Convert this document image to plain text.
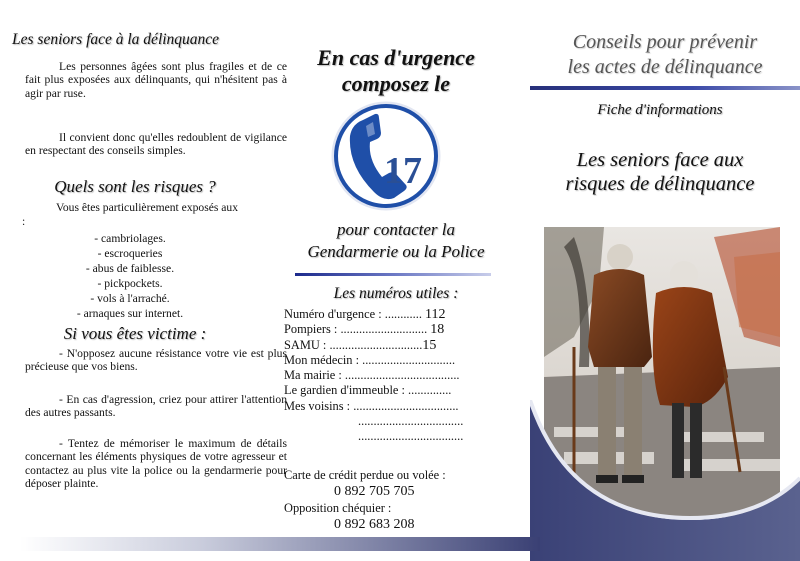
Les seniors face à la délinquance

Les personnes âgées sont plus fragiles et de ce fait plus exposées aux délinquants, qui n'hésitent pas à agir par ruse.

Il convient donc qu'elles redoublent de vigilance en respectant des conseils simples.

Quels sont les risques ?
Vous êtes particulièrement exposés aux :
- cambriolages.
- escroqueries
- abus de faiblesse.
- pickpockets.
- vols à l'arraché.
- arnaques sur internet.
Si vous êtes victime :

- N'opposez aucune résistance votre vie est plus précieuse que vos biens.

- En cas d'agression, criez pour attirer l'attention des autres passants.

- Tentez de mémoriser le maximum de détails concernant les éléments physiques de votre agresseur et contactez au plus vite la police ou la gendarmerie pour déposer plainte.

En cas d'urgence
composez le
17
pour contacter la
Gendarmerie ou la Police
Les numéros utiles :
Numéro d'urgence : ............ 112
Pompiers : ............................ 18
SAMU : ..............................15
Mon médecin : ..............................
Ma mairie : .....................................
Le gardien d'immeuble : ..............
Mes voisins : ..................................
..................................
..................................
Carte de crédit perdue ou volée :
0 892 705 705
Opposition chéquier :
0 892 683 208
Conseils pour prévenir
les actes de délinquance
Fiche d'informations
Les seniors face aux
risques de délinquance
